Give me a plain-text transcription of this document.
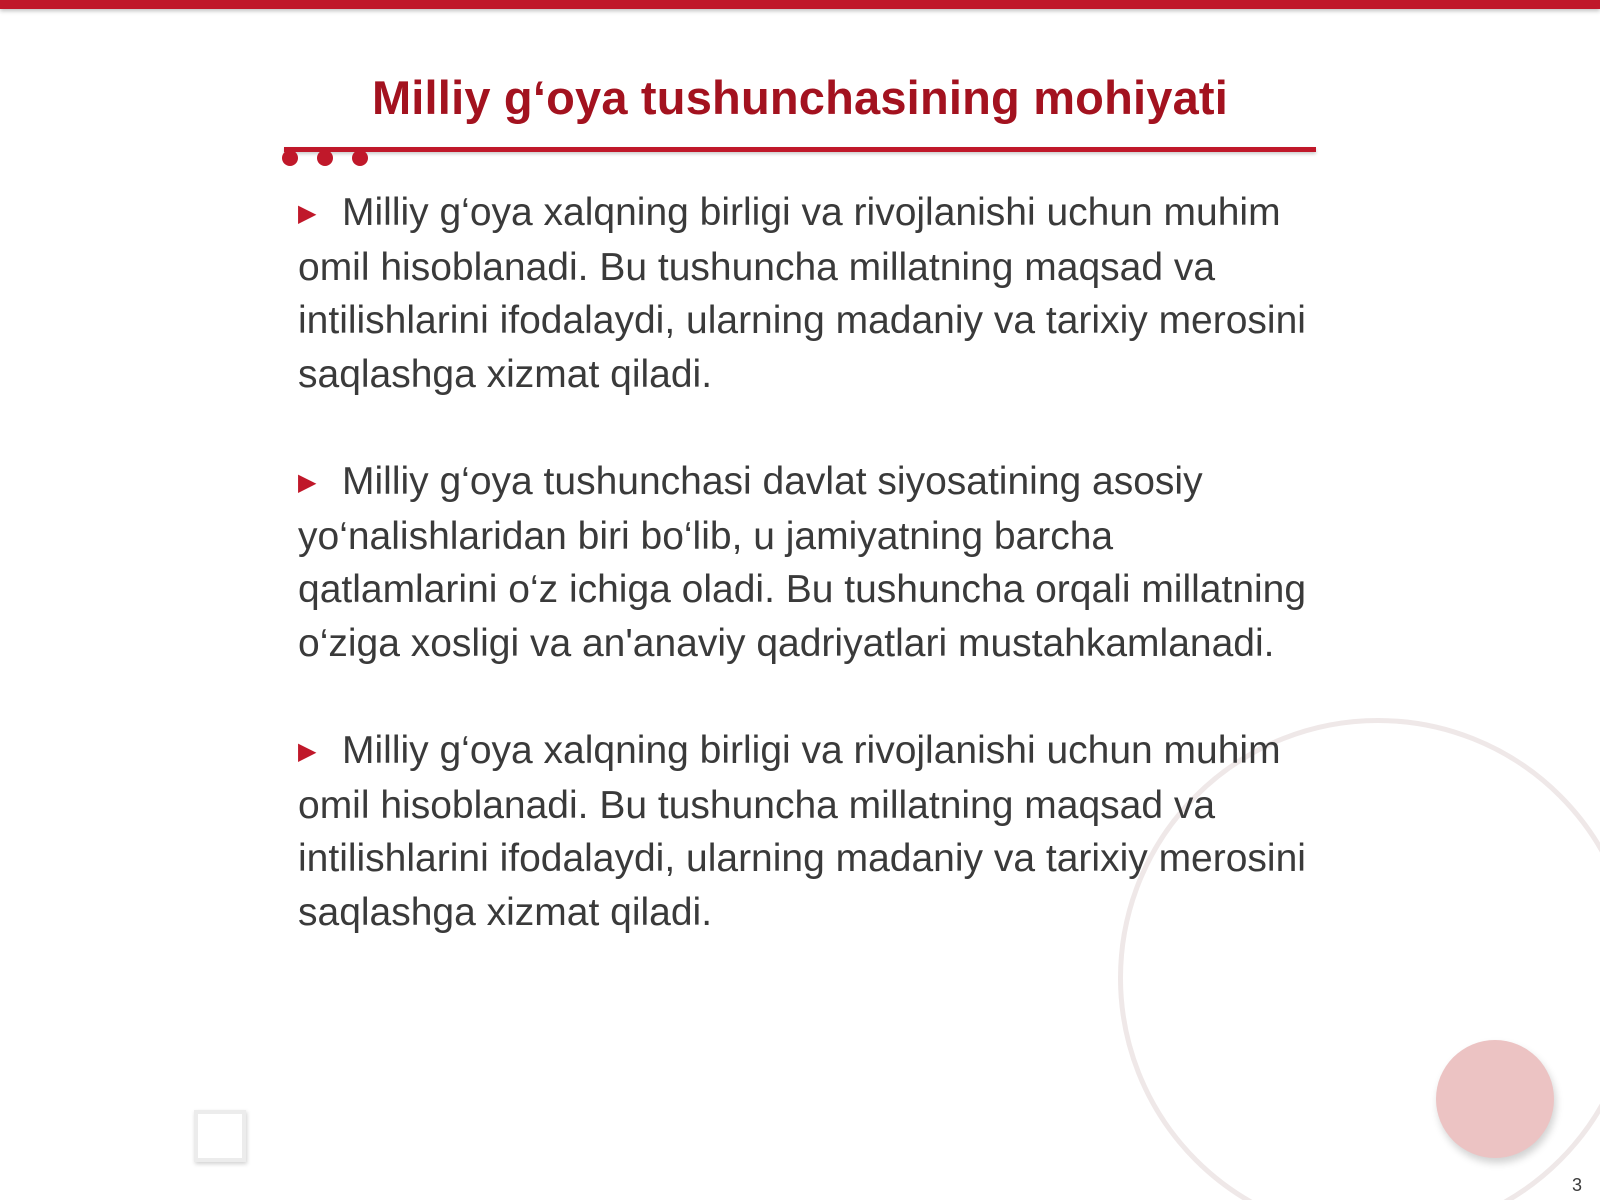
Milliy g‘oya tushunchasining mohiyati

▶ Milliy g‘oya xalqning birligi va rivojlanishi uchun muhim omil hisoblanadi. Bu tushuncha millatning maqsad va intilishlarini ifodalaydi, ularning madaniy va tarixiy merosini saqlashga xizmat qiladi.

▶ Milliy g‘oya tushunchasi davlat siyosatining asosiy yo‘nalishlaridan biri bo‘lib, u jamiyatning barcha qatlamlarini o‘z ichiga oladi. Bu tushuncha orqali millatning o‘ziga xosligi va an'anaviy qadriyatlari mustahkamlanadi.

▶ Milliy g‘oya xalqning birligi va rivojlanishi uchun muhim omil hisoblanadi. Bu tushuncha millatning maqsad va intilishlarini ifodalaydi, ularning madaniy va tarixiy merosini saqlashga xizmat qiladi.

3
